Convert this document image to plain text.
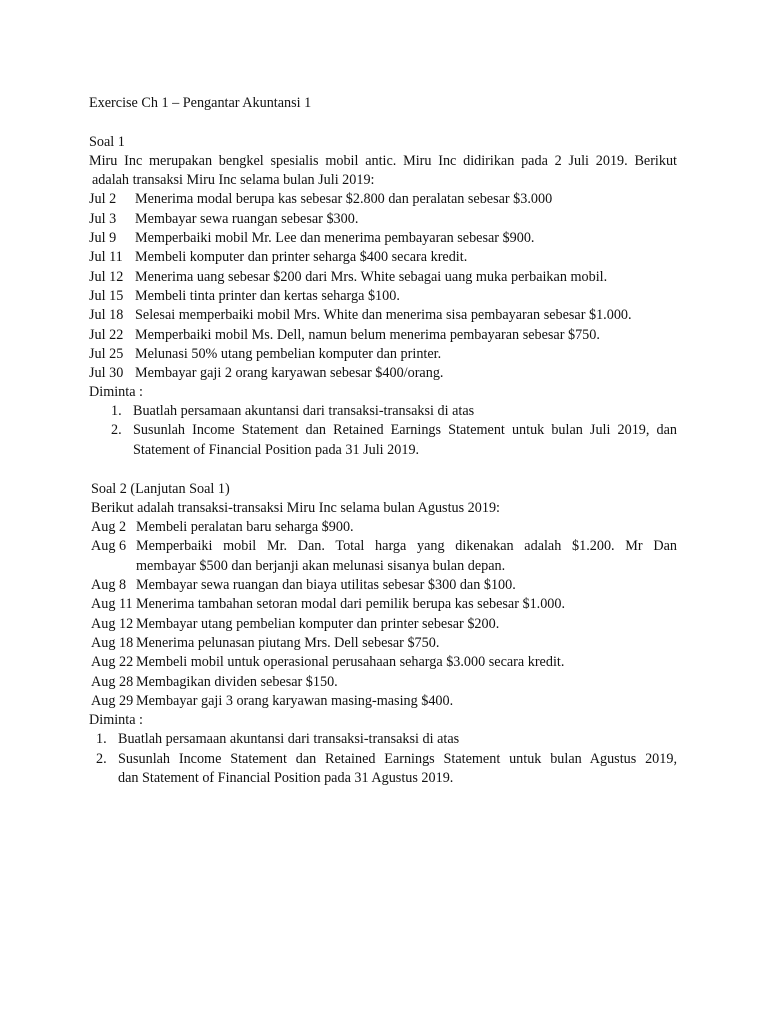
Exercise Ch 1 – Pengantar Akuntansi 1
Soal 1
Miru Inc merupakan bengkel spesialis mobil antic. Miru Inc didirikan pada 2 Juli 2019. Berikut
adalah transaksi Miru Inc selama bulan Juli 2019:
Jul 2 Menerima modal berupa kas sebesar $2.800 dan peralatan sebesar $3.000
Jul 3 Membayar sewa ruangan sebesar $300.
Jul 9 Memperbaiki mobil Mr. Lee dan menerima pembayaran sebesar $900.
Jul 11 Membeli komputer dan printer seharga $400 secara kredit.
Jul 12 Menerima uang sebesar $200 dari Mrs. White sebagai uang muka perbaikan mobil.
Jul 15 Membeli tinta printer dan kertas seharga $100.
Jul 18 Selesai memperbaiki mobil Mrs. White dan menerima sisa pembayaran sebesar $1.000.
Jul 22 Memperbaiki mobil Ms. Dell, namun belum menerima pembayaran sebesar $750.
Jul 25 Melunasi 50% utang pembelian komputer dan printer.
Jul 30 Membayar gaji 2 orang karyawan sebesar $400/orang.
Diminta :
1. Buatlah persamaan akuntansi dari transaksi-transaksi di atas
2. Susunlah Income Statement dan Retained Earnings Statement untuk bulan Juli 2019, dan
Statement of Financial Position pada 31 Juli 2019.
Soal 2 (Lanjutan Soal 1)
Berikut adalah transaksi-transaksi Miru Inc selama bulan Agustus 2019:
Aug 2 Membeli peralatan baru seharga $900.
Aug 6 Memperbaiki mobil Mr. Dan. Total harga yang dikenakan adalah $1.200. Mr Dan
membayar $500 dan berjanji akan melunasi sisanya bulan depan.
Aug 8 Membayar sewa ruangan dan biaya utilitas sebesar $300 dan $100.
Aug 11 Menerima tambahan setoran modal dari pemilik berupa kas sebesar $1.000.
Aug 12 Membayar utang pembelian komputer dan printer sebesar $200.
Aug 18 Menerima pelunasan piutang Mrs. Dell sebesar $750.
Aug 22 Membeli mobil untuk operasional perusahaan seharga $3.000 secara kredit.
Aug 28 Membagikan dividen sebesar $150.
Aug 29 Membayar gaji 3 orang karyawan masing-masing $400.
Diminta :
1. Buatlah persamaan akuntansi dari transaksi-transaksi di atas
2. Susunlah Income Statement dan Retained Earnings Statement untuk bulan Agustus 2019,
dan Statement of Financial Position pada 31 Agustus 2019.
